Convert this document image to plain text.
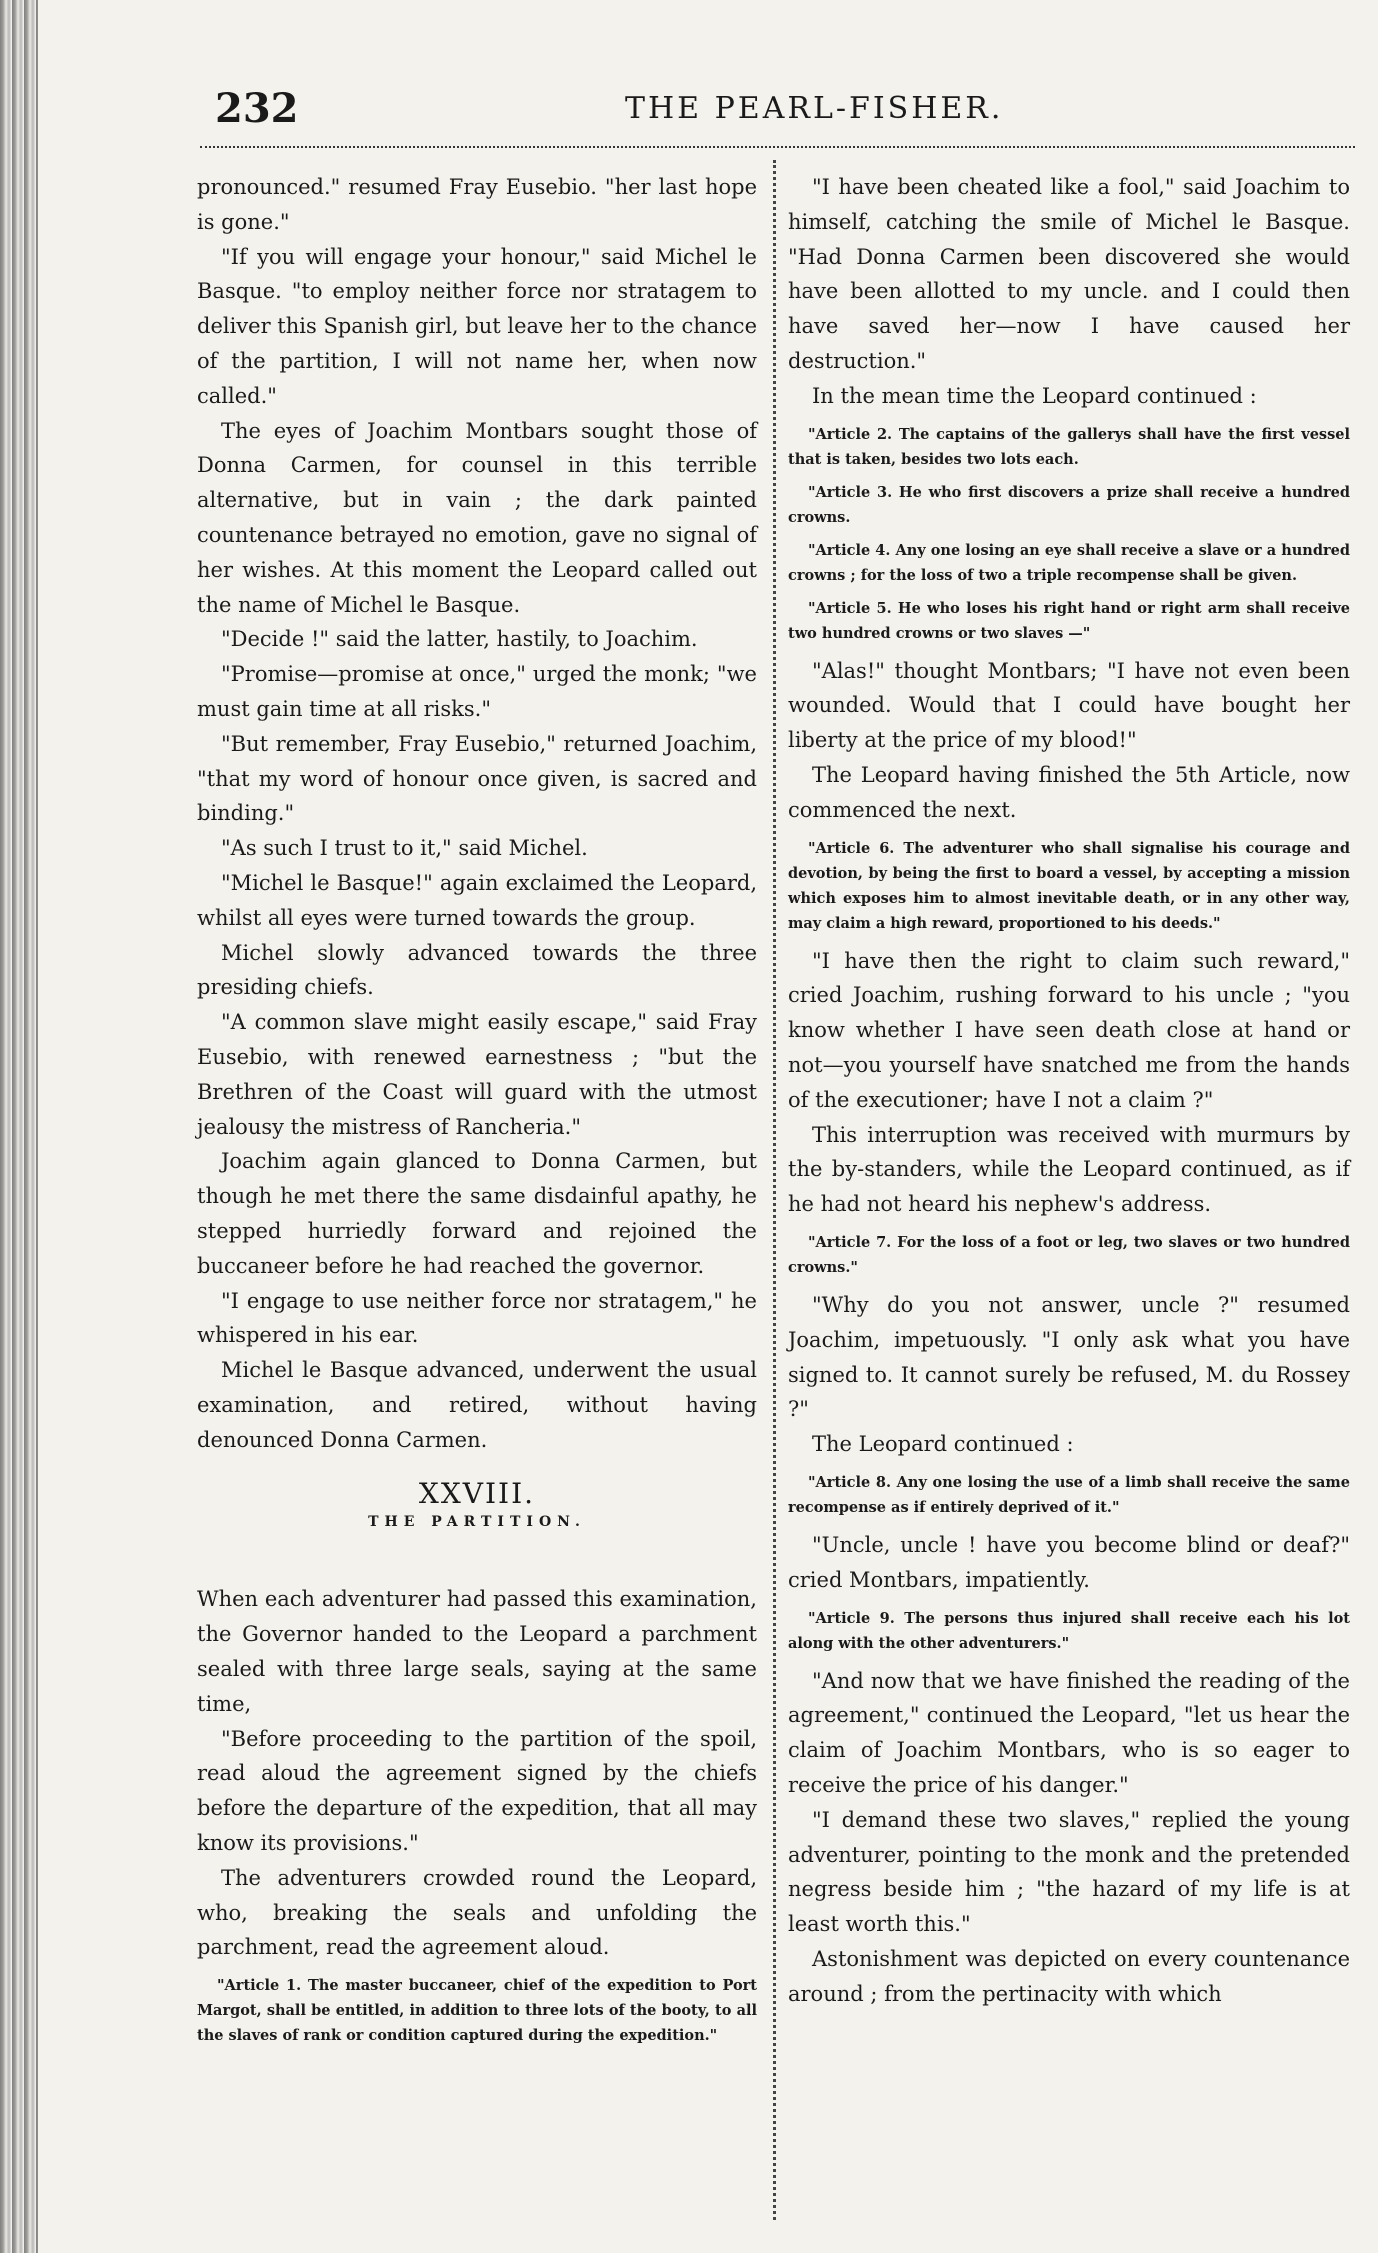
232	THE PEARL-FISHER.

pronounced." resumed Fray Eusebio. "her last hope is gone."

"If you will engage your honour," said Michel le Basque. "to employ neither force nor stratagem to deliver this Spanish girl, but leave her to the chance of the partition, I will not name her, when now called."

The eyes of Joachim Montbars sought those of Donna Carmen, for counsel in this terrible alternative, but in vain ; the dark painted countenance betrayed no emotion, gave no signal of her wishes. At this moment the Leopard called out the name of Michel le Basque.

"Decide !" said the latter, hastily, to Joachim.

"Promise—promise at once," urged the monk; "we must gain time at all risks."

"But remember, Fray Eusebio," returned Joachim, "that my word of honour once given, is sacred and binding."

"As such I trust to it," said Michel.

"Michel le Basque!" again exclaimed the Leopard, whilst all eyes were turned towards the group.

Michel slowly advanced towards the three presiding chiefs.

"A common slave might easily escape," said Fray Eusebio, with renewed earnestness ; "but the Brethren of the Coast will guard with the utmost jealousy the mistress of Rancheria."

Joachim again glanced to Donna Carmen, but though he met there the same disdainful apathy, he stepped hurriedly forward and rejoined the buccaneer before he had reached the governor.

"I engage to use neither force nor stratagem," he whispered in his ear.

Michel le Basque advanced, underwent the usual examination, and retired, without having denounced Donna Carmen.

XXVIII.
THE PARTITION.

When each adventurer had passed this examination, the Governor handed to the Leopard a parchment sealed with three large seals, saying at the same time,

"Before proceeding to the partition of the spoil, read aloud the agreement signed by the chiefs before the departure of the expedition, that all may know its provisions."

The adventurers crowded round the Leopard, who, breaking the seals and unfolding the parchment, read the agreement aloud.

"Article 1. The master buccaneer, chief of the expedition to Port Margot, shall be entitled, in addition to three lots of the booty, to all the slaves of rank or condition captured during the expedition."

"I have been cheated like a fool," said Joachim to himself, catching the smile of Michel le Basque. "Had Donna Carmen been discovered she would have been allotted to my uncle. and I could then have saved her—now I have caused her destruction."

In the mean time the Leopard continued :

"Article 2. The captains of the gallerys shall have the first vessel that is taken, besides two lots each.

"Article 3. He who first discovers a prize shall receive a hundred crowns.

"Article 4. Any one losing an eye shall receive a slave or a hundred crowns ; for the loss of two a triple recompense shall be given.

"Article 5. He who loses his right hand or right arm shall receive two hundred crowns or two slaves —"

"Alas!" thought Montbars; "I have not even been wounded. Would that I could have bought her liberty at the price of my blood!"

The Leopard having finished the 5th Article, now commenced the next.

"Article 6. The adventurer who shall signalise his courage and devotion, by being the first to board a vessel, by accepting a mission which exposes him to almost inevitable death, or in any other way, may claim a high reward, proportioned to his deeds."

"I have then the right to claim such reward," cried Joachim, rushing forward to his uncle ; "you know whether I have seen death close at hand or not—you yourself have snatched me from the hands of the executioner; have I not a claim ?"

This interruption was received with murmurs by the by-standers, while the Leopard continued, as if he had not heard his nephew's address.

"Article 7. For the loss of a foot or leg, two slaves or two hundred crowns."

"Why do you not answer, uncle ?" resumed Joachim, impetuously. "I only ask what you have signed to. It cannot surely be refused, M. du Rossey ?"

The Leopard continued :

"Article 8. Any one losing the use of a limb shall receive the same recompense as if entirely deprived of it."

"Uncle, uncle ! have you become blind or deaf?" cried Montbars, impatiently.

"Article 9. The persons thus injured shall receive each his lot along with the other adventurers."

"And now that we have finished the reading of the agreement," continued the Leopard, "let us hear the claim of Joachim Montbars, who is so eager to receive the price of his danger."

"I demand these two slaves," replied the young adventurer, pointing to the monk and the pretended negress beside him ; "the hazard of my life is at least worth this."

Astonishment was depicted on every countenance around ; from the pertinacity with which
